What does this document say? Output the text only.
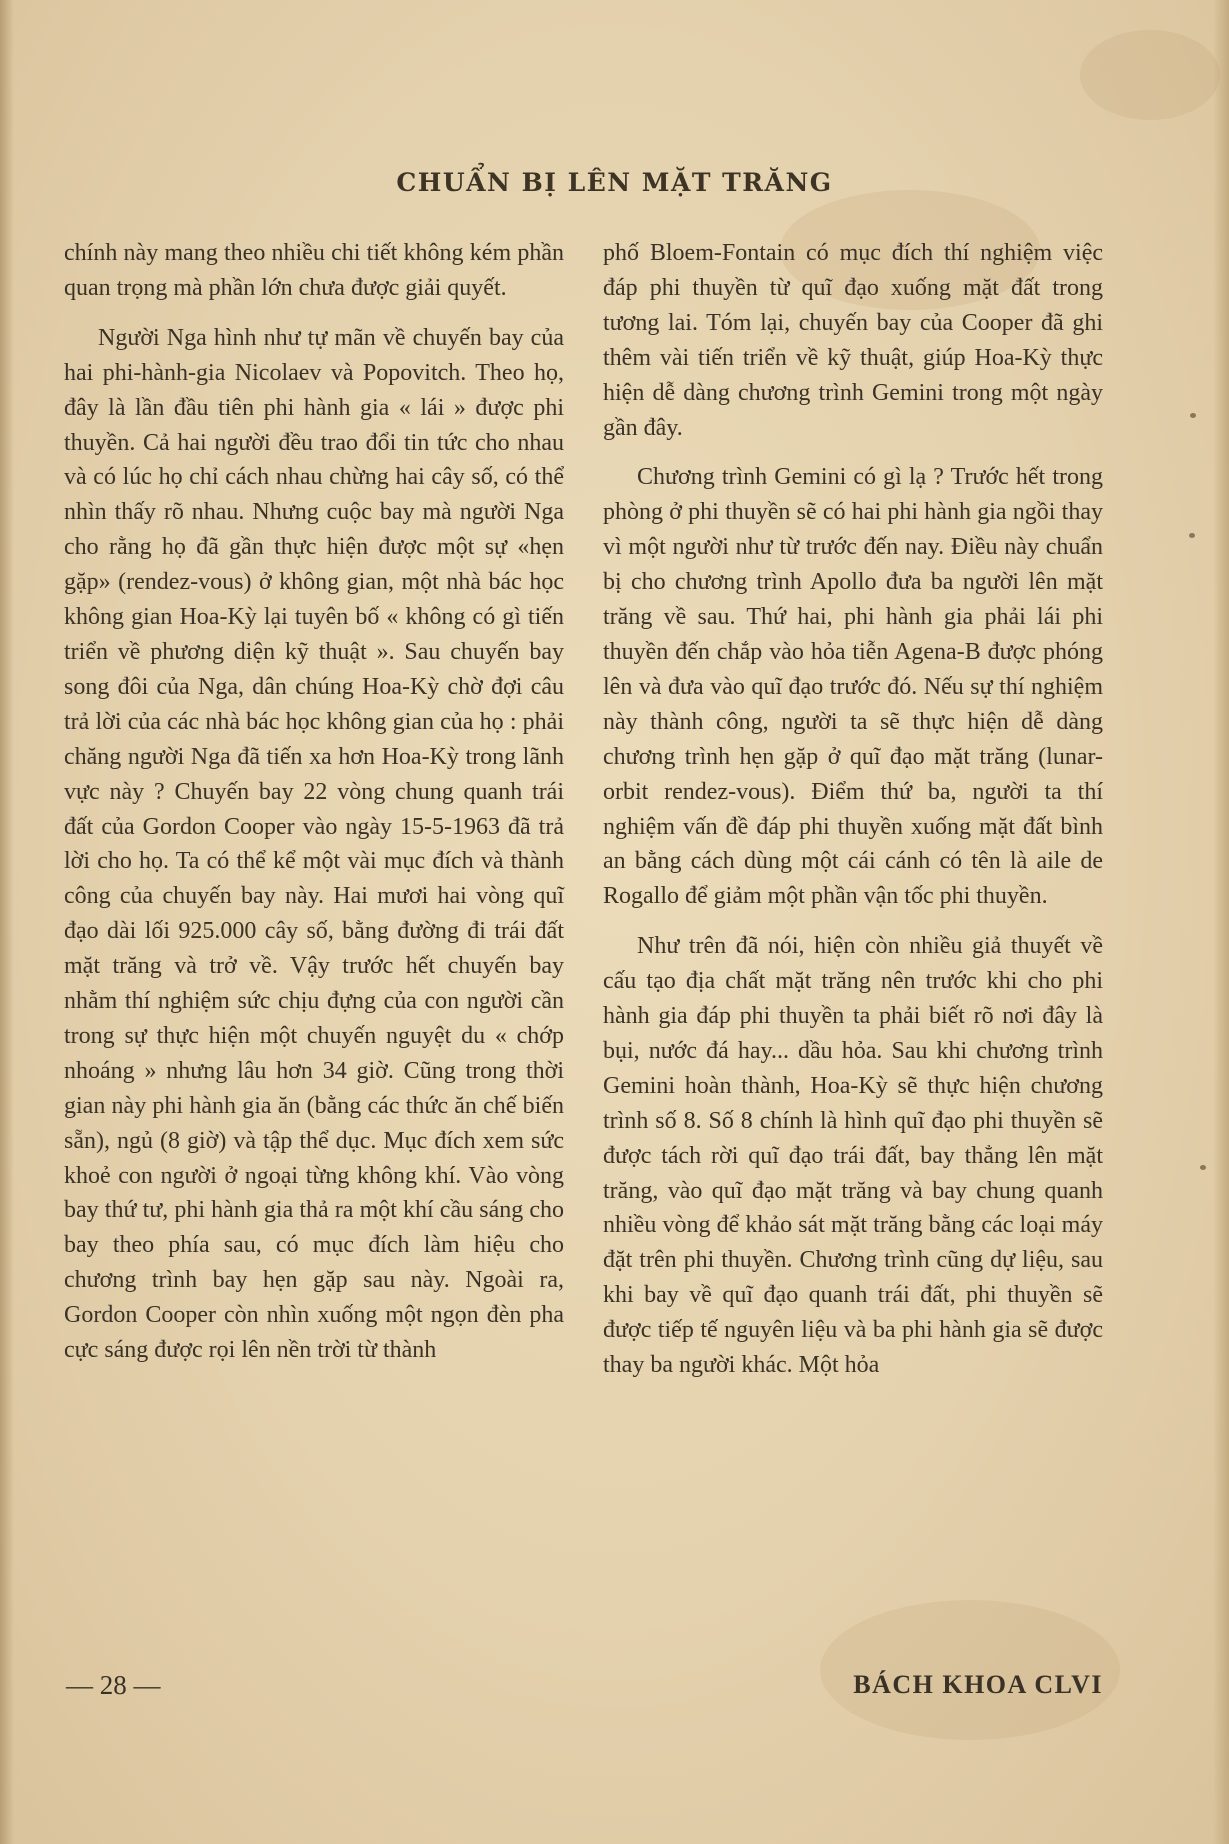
CHUẨN BỊ LÊN MẶT TRĂNG

chính này mang theo nhiều chi tiết không kém phần quan trọng mà phần lớn chưa được giải quyết.

Người Nga hình như tự mãn về chuyến bay của hai phi-hành-gia Nicolaev và Popovitch. Theo họ, đây là lần đầu tiên phi hành gia « lái » được phi thuyền. Cả hai người đều trao đổi tin tức cho nhau và có lúc họ chỉ cách nhau chừng hai cây số, có thể nhìn thấy rõ nhau. Nhưng cuộc bay mà người Nga cho rằng họ đã gần thực hiện được một sự «hẹn gặp» (rendez-vous) ở không gian, một nhà bác học không gian Hoa-Kỳ lại tuyên bố « không có gì tiến triển về phương diện kỹ thuật ». Sau chuyến bay song đôi của Nga, dân chúng Hoa-Kỳ chờ đợi câu trả lời của các nhà bác học không gian của họ : phải chăng người Nga đã tiến xa hơn Hoa-Kỳ trong lãnh vực này ? Chuyến bay 22 vòng chung quanh trái đất của Gordon Cooper vào ngày 15-5-1963 đã trả lời cho họ. Ta có thể kể một vài mục đích và thành công của chuyến bay này. Hai mươi hai vòng quĩ đạo dài lối 925.000 cây số, bằng đường đi trái đất mặt trăng và trở về. Vậy trước hết chuyến bay nhằm thí nghiệm sức chịu đựng của con người cần trong sự thực hiện một chuyến nguyệt du « chớp nhoáng » nhưng lâu hơn 34 giờ. Cũng trong thời gian này phi hành gia ăn (bằng các thức ăn chế biến sẵn), ngủ (8 giờ) và tập thể dục. Mục đích xem sức khoẻ con người ở ngoại từng không khí. Vào vòng bay thứ tư, phi hành gia thả ra một khí cầu sáng cho bay theo phía sau, có mục đích làm hiệu cho chương trình bay hẹn gặp sau này. Ngoài ra, Gordon Cooper còn nhìn xuống một ngọn đèn pha cực sáng được rọi lên nền trời từ thành

phố Bloem-Fontain có mục đích thí nghiệm việc đáp phi thuyền từ quĩ đạo xuống mặt đất trong tương lai. Tóm lại, chuyến bay của Cooper đã ghi thêm vài tiến triển về kỹ thuật, giúp Hoa-Kỳ thực hiện dễ dàng chương trình Gemini trong một ngày gần đây.

Chương trình Gemini có gì lạ ? Trước hết trong phòng ở phi thuyền sẽ có hai phi hành gia ngồi thay vì một người như từ trước đến nay. Điều này chuẩn bị cho chương trình Apollo đưa ba người lên mặt trăng về sau. Thứ hai, phi hành gia phải lái phi thuyền đến chắp vào hỏa tiễn Agena-B được phóng lên và đưa vào quĩ đạo trước đó. Nếu sự thí nghiệm này thành công, người ta sẽ thực hiện dễ dàng chương trình hẹn gặp ở quĩ đạo mặt trăng (lunar-orbit rendez-vous). Điểm thứ ba, người ta thí nghiệm vấn đề đáp phi thuyền xuống mặt đất bình an bằng cách dùng một cái cánh có tên là aile de Rogallo để giảm một phần vận tốc phi thuyền.

Như trên đã nói, hiện còn nhiều giả thuyết về cấu tạo địa chất mặt trăng nên trước khi cho phi hành gia đáp phi thuyền ta phải biết rõ nơi đây là bụi, nước đá hay... dầu hỏa. Sau khi chương trình Gemini hoàn thành, Hoa-Kỳ sẽ thực hiện chương trình số 8. Số 8 chính là hình quĩ đạo phi thuyền sẽ được tách rời quĩ đạo trái đất, bay thẳng lên mặt trăng, vào quĩ đạo mặt trăng và bay chung quanh nhiều vòng để khảo sát mặt trăng bằng các loại máy đặt trên phi thuyền. Chương trình cũng dự liệu, sau khi bay về quĩ đạo quanh trái đất, phi thuyền sẽ được tiếp tế nguyên liệu và ba phi hành gia sẽ được thay ba người khác. Một hỏa

— 28 —	BÁCH KHOA CLVI
